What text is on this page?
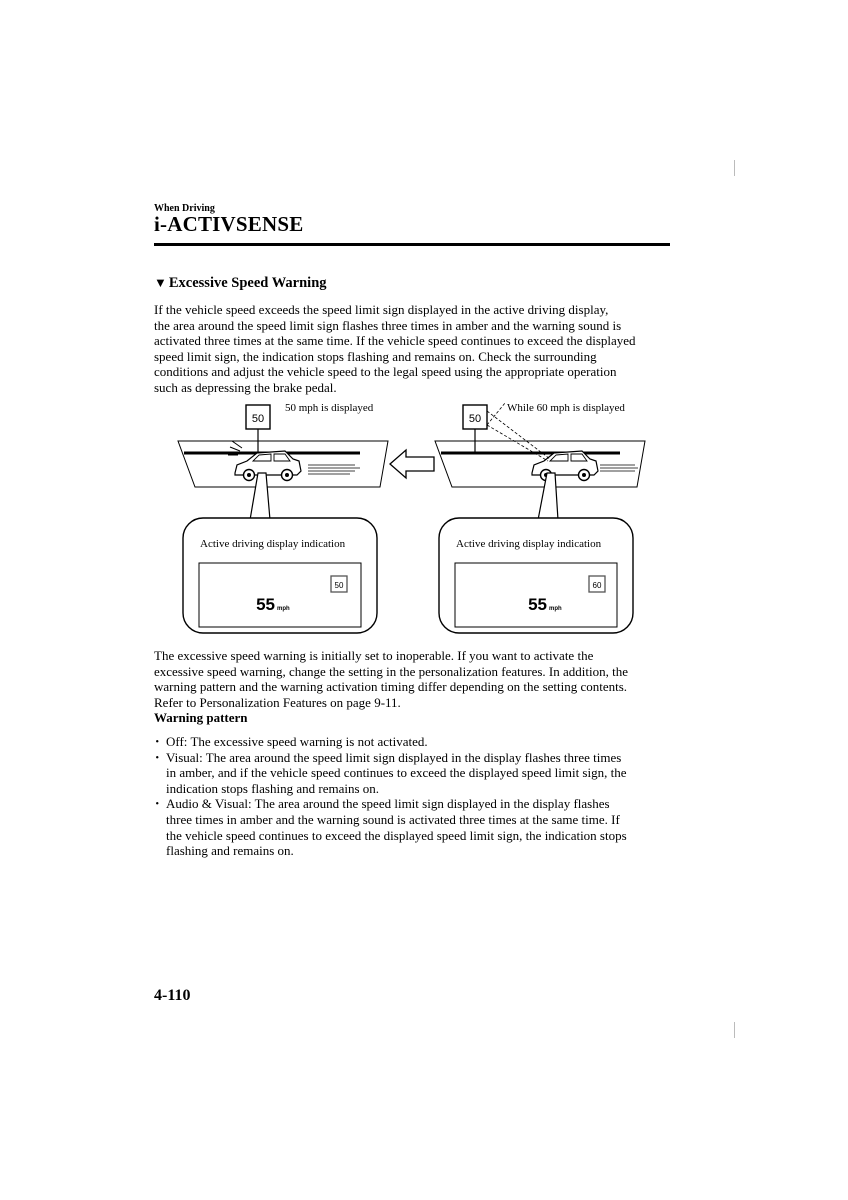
When Driving
i-ACTIVSENSE
▼ Excessive Speed Warning
If the vehicle speed exceeds the speed limit sign displayed in the active driving display,
the area around the speed limit sign flashes three times in amber and the warning sound is
activated three times at the same time. If the vehicle speed continues to exceed the displayed
speed limit sign, the indication stops flashing and remains on. Check the surrounding
conditions and adjust the vehicle speed to the legal speed using the appropriate operation
such as depressing the brake pedal.
50
50 mph is displayed
Active driving display indication
50
55 mph
50
While 60 mph is displayed
Active driving display indication
60
55 mph
The excessive speed warning is initially set to inoperable. If you want to activate the
excessive speed warning, change the setting in the personalization features. In addition, the
warning pattern and the warning activation timing differ depending on the setting contents.
Refer to Personalization Features on page 9-11.
Warning pattern
･ Off: The excessive speed warning is not activated.
･ Visual: The area around the speed limit sign displayed in the display flashes three times
in amber, and if the vehicle speed continues to exceed the displayed speed limit sign, the
indication stops flashing and remains on.
･ Audio & Visual: The area around the speed limit sign displayed in the display flashes
three times in amber and the warning sound is activated three times at the same time. If
the vehicle speed continues to exceed the displayed speed limit sign, the indication stops
flashing and remains on.
4-110
